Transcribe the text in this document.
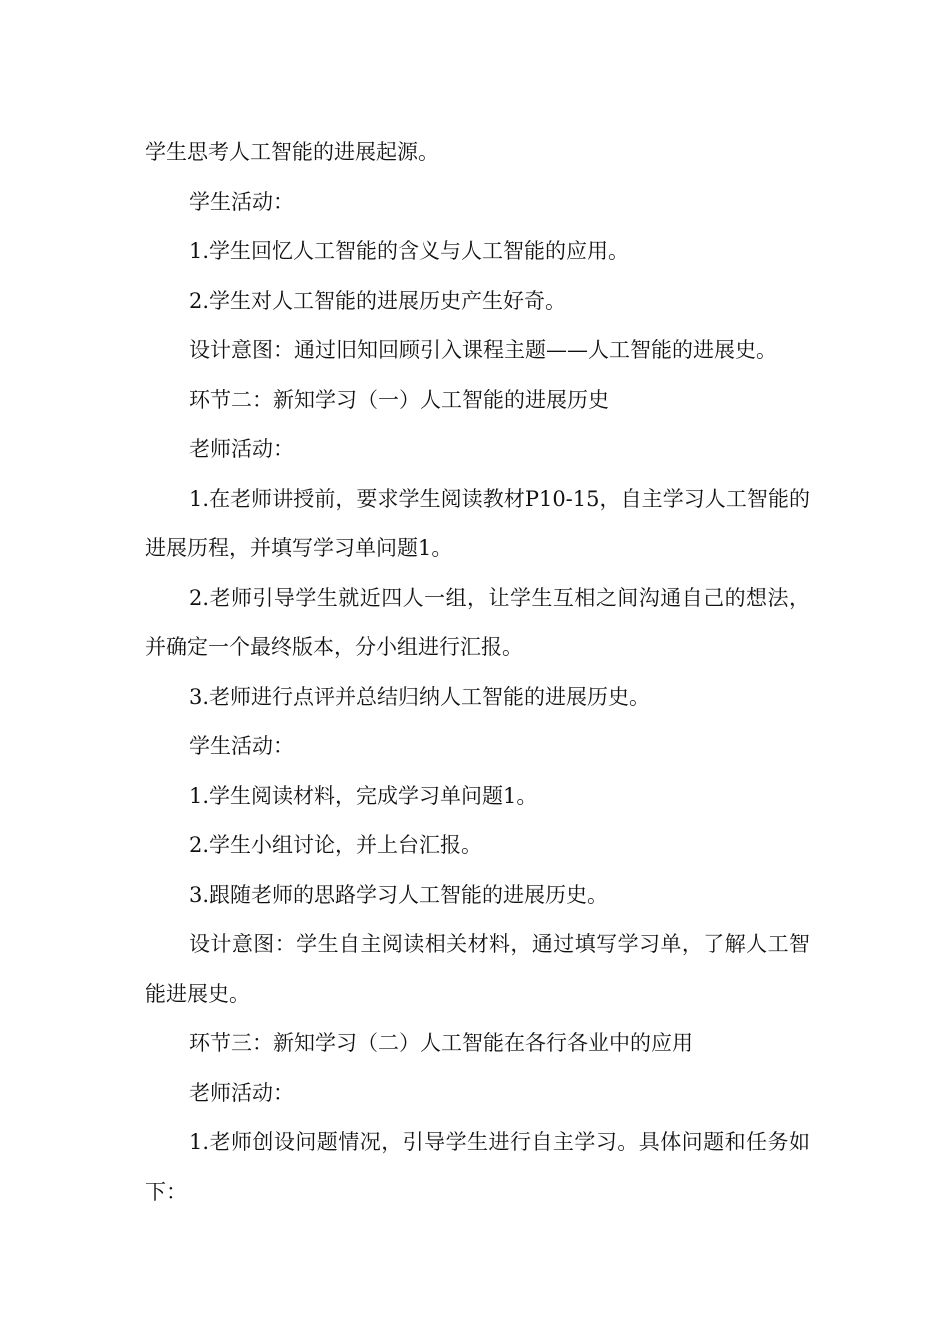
学生思考人工智能的进展起源。

学生活动：

1.学生回忆人工智能的含义与人工智能的应用。

2.学生对人工智能的进展历史产生好奇。

设计意图：通过旧知回顾引入课程主题——人工智能的进展史。

环节二：新知学习（一）人工智能的进展历史

老师活动：

1.在老师讲授前，要求学生阅读教材P10-15，自主学习人工智能的进展历程，并填写学习单问题1。

2.老师引导学生就近四人一组，让学生互相之间沟通自己的想法，并确定一个最终版本，分小组进行汇报。

3.老师进行点评并总结归纳人工智能的进展历史。

学生活动：

1.学生阅读材料，完成学习单问题1。

2.学生小组讨论，并上台汇报。

3.跟随老师的思路学习人工智能的进展历史。

设计意图：学生自主阅读相关材料，通过填写学习单，了解人工智能进展史。

环节三：新知学习（二）人工智能在各行各业中的应用

老师活动：

1.老师创设问题情况，引导学生进行自主学习。具体问题和任务如下：
